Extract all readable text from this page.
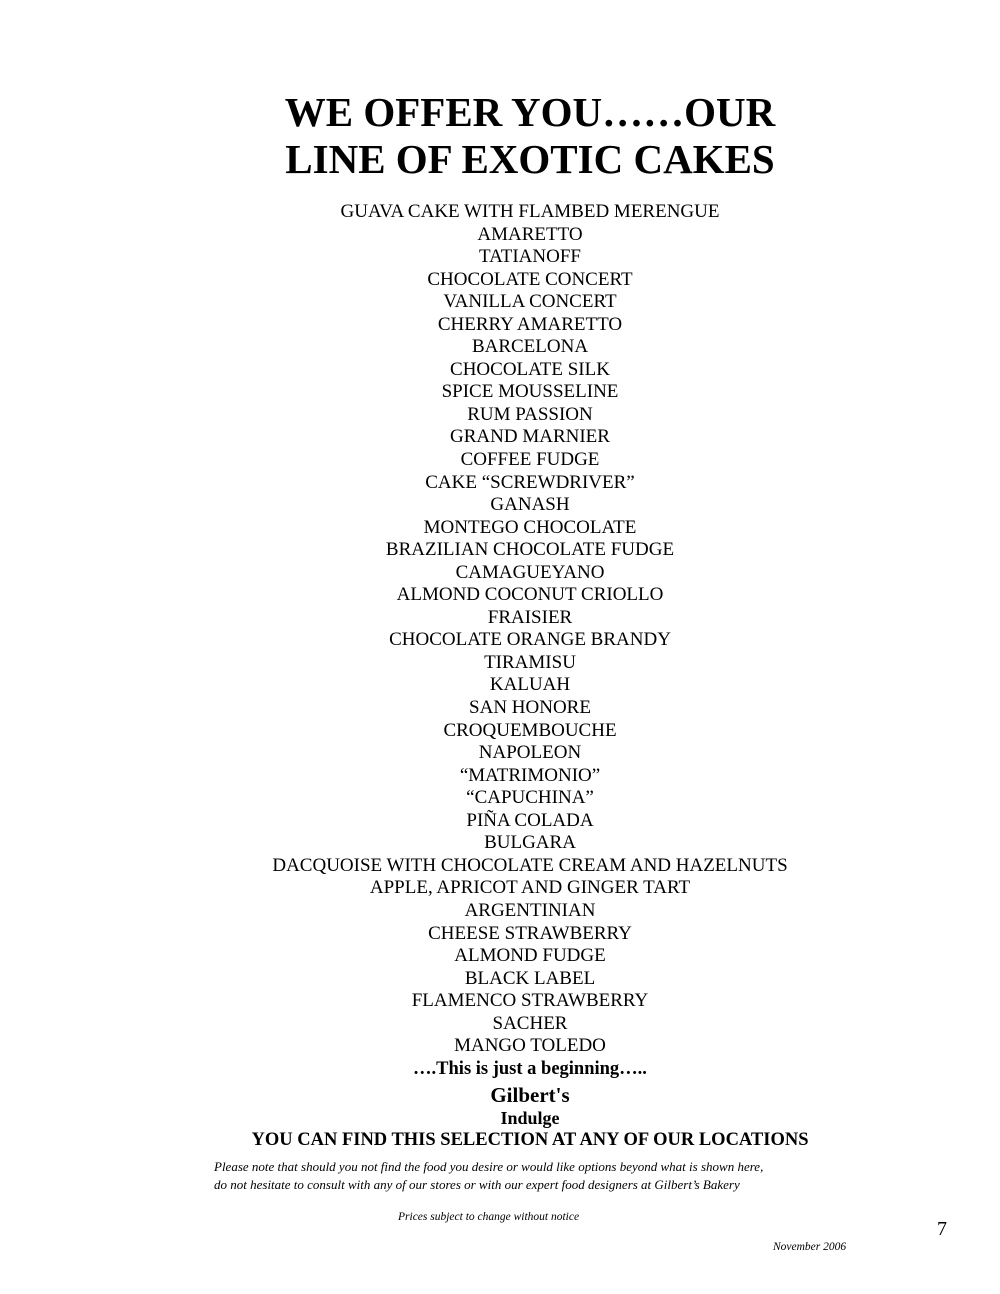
WE OFFER YOU……OUR
LINE OF EXOTIC CAKES
GUAVA CAKE WITH FLAMBED MERENGUE
AMARETTO
TATIANOFF
CHOCOLATE CONCERT
VANILLA CONCERT
CHERRY AMARETTO
BARCELONA
CHOCOLATE SILK
SPICE MOUSSELINE
RUM PASSION
GRAND MARNIER
COFFEE FUDGE
CAKE “SCREWDRIVER”
GANASH
MONTEGO CHOCOLATE
BRAZILIAN CHOCOLATE FUDGE
CAMAGUEYANO
ALMOND COCONUT CRIOLLO
FRAISIER
CHOCOLATE ORANGE BRANDY
TIRAMISU
KALUAH
SAN HONORE
CROQUEMBOUCHE
NAPOLEON
“MATRIMONIO”
“CAPUCHINA”
PIÑA COLADA
BULGARA
DACQUOISE WITH CHOCOLATE CREAM AND HAZELNUTS
APPLE, APRICOT AND GINGER TART
ARGENTINIAN
CHEESE STRAWBERRY
ALMOND FUDGE
BLACK LABEL
FLAMENCO STRAWBERRY
SACHER
MANGO TOLEDO
….This is just a beginning…..
Gilbert's
Indulge
YOU CAN FIND THIS SELECTION AT ANY OF OUR LOCATIONS
Please note that should you not find the food you desire or would like options beyond what is shown here,
do not hesitate to consult with any of our stores or with our expert food designers at Gilbert’s Bakery
Prices subject to change without notice
7
November 2006
